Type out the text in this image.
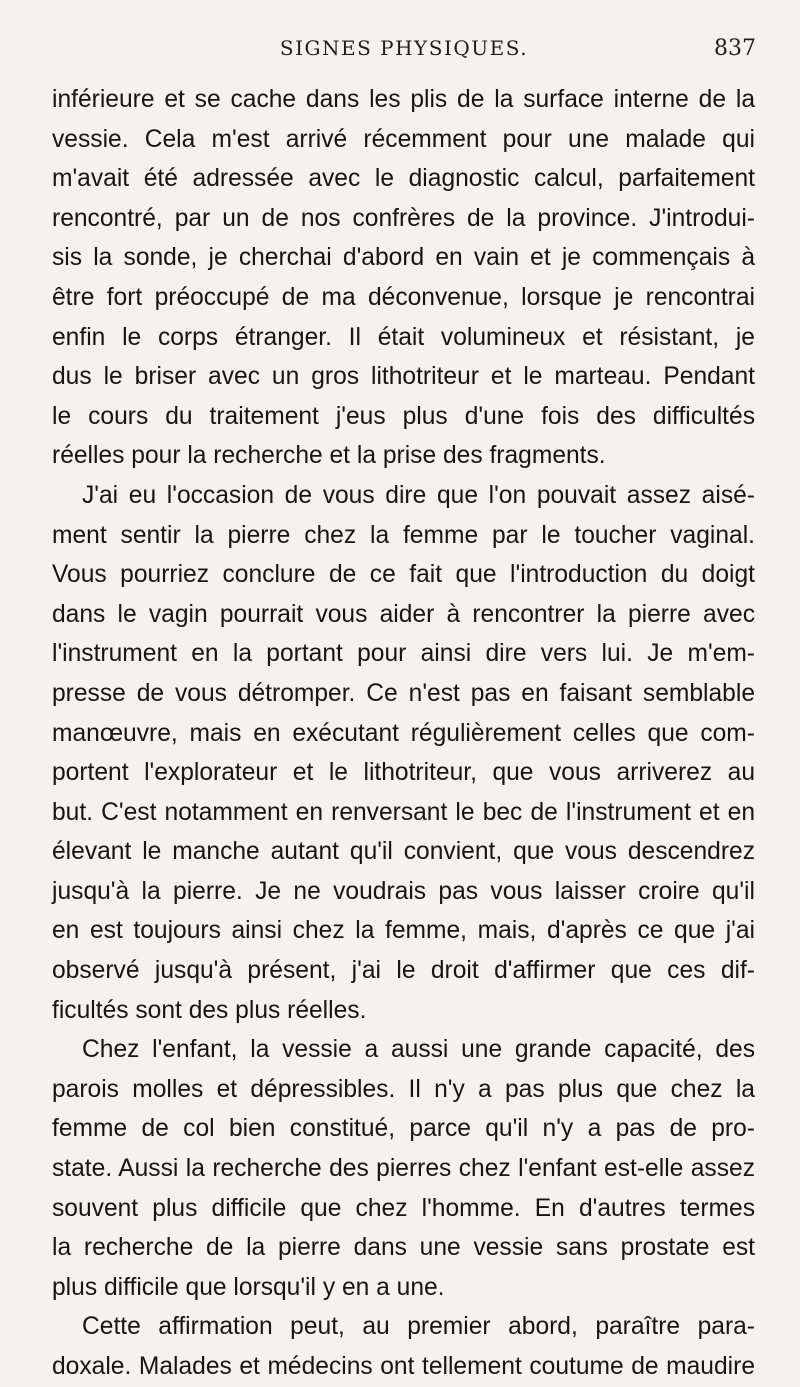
SIGNES PHYSIQUES.	837
inférieure et se cache dans les plis de la surface interne de la
vessie. Cela m'est arrivé récemment pour une malade qui
m'avait été adressée avec le diagnostic calcul, parfaitement
rencontré, par un de nos confrères de la province. J'introdui-
sis la sonde, je cherchai d'abord en vain et je commençais à
être fort préoccupé de ma déconvenue, lorsque je rencontrai
enfin le corps étranger. Il était volumineux et résistant, je
dus le briser avec un gros lithotriteur et le marteau. Pendant
le cours du traitement j'eus plus d'une fois des difficultés
réelles pour la recherche et la prise des fragments.
J'ai eu l'occasion de vous dire que l'on pouvait assez aisé-
ment sentir la pierre chez la femme par le toucher vaginal.
Vous pourriez conclure de ce fait que l'introduction du doigt
dans le vagin pourrait vous aider à rencontrer la pierre avec
l'instrument en la portant pour ainsi dire vers lui. Je m'em-
presse de vous détromper. Ce n'est pas en faisant semblable
manœuvre, mais en exécutant régulièrement celles que com-
portent l'explorateur et le lithotriteur, que vous arriverez au
but. C'est notamment en renversant le bec de l'instrument et en
élevant le manche autant qu'il convient, que vous descendrez
jusqu'à la pierre. Je ne voudrais pas vous laisser croire qu'il
en est toujours ainsi chez la femme, mais, d'après ce que j'ai
observé jusqu'à présent, j'ai le droit d'affirmer que ces dif-
ficultés sont des plus réelles.
Chez l'enfant, la vessie a aussi une grande capacité, des
parois molles et dépressibles. Il n'y a pas plus que chez la
femme de col bien constitué, parce qu'il n'y a pas de pro-
state. Aussi la recherche des pierres chez l'enfant est-elle assez
souvent plus difficile que chez l'homme. En d'autres termes
la recherche de la pierre dans une vessie sans prostate est
plus difficile que lorsqu'il y en a une.
Cette affirmation peut, au premier abord, paraître para-
doxale. Malades et médecins ont tellement coutume de maudire
